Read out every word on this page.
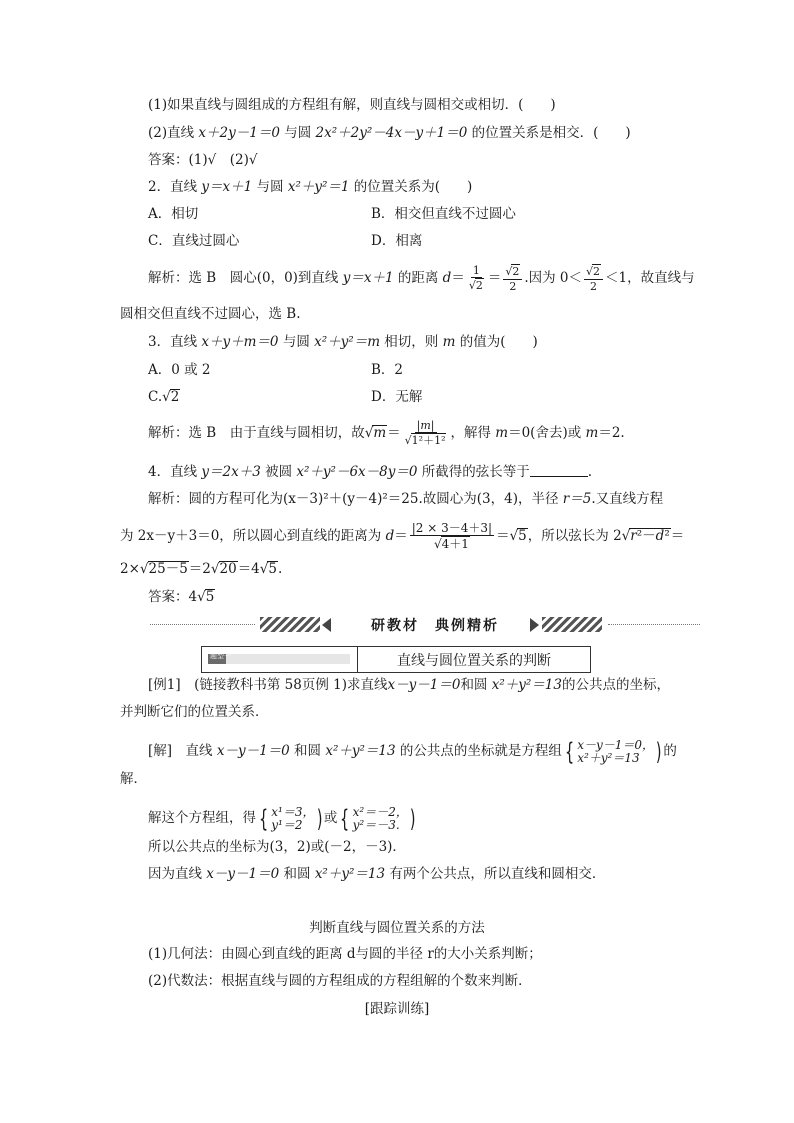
(1)如果直线与圆组成的方程组有解，则直线与圆相交或相切．(　　)
(2)直线 x＋2y－1＝0 与圆 2x²＋2y²－4x－y＋1＝0 的位置关系是相交．(　　)
答案：(1)√　(2)√
2．直线 y＝x＋1 与圆 x²＋y²＝1 的位置关系为(　　)
A．相切	B．相交但直线不过圆心
C．直线过圆心	D．相离
解析：选 B　圆心(0，0)到直线 y＝x＋1 的距离 $d= \frac{1}{√2} = \frac{√2}{2}$ .因为 $0< \frac{√2}{2} <1$，故直线与
圆相交但直线不过圆心，选 B.
3．直线 x＋y＋m＝0 与圆 x²＋y²＝m 相切，则 m 的值为(　　)
A．0 或 2	B．2
C.√2	D．无解
解析：选 B　由于直线与圆相切，故$√m= \frac{|m|}{\text{√1²＋1²}}$ ，解得 m＝0(舍去)或 m＝2.
4．直线 y＝2x＋3 被圆 x²＋y²－6x－8y＝0 所截得的弦长等于	.
解析：圆的方程可化为(x－3)²＋(y－4)²＝25.故圆心为(3，4)，半径 r＝5.又直线方程
为 2x－y＋3＝0，所以圆心到直线的距离为 $d= \frac{|2 \times 3-4+3|}{√4+1} =√5$，所以弦长为 2√r²－d²＝
2×√25－5＝2√20＝4√5.
答案：4√5
研教材　典例精析
题型一	直线与圆位置关系的判断
[例1]　 (链接教科书第 58页例 1)求直线x－y－1＝0和圆 x²＋y²＝13的公共点的坐标，
并判断它们的位置关系．
[解]　 直线 x－y－1＝0 和圆 x²＋y²＝13 的公共点的坐标就是方程组 { x－y－1＝0，
x²＋y²＝13 ) 的
解．
解这个方程组，得 { x¹＝3，
y¹＝2 ) 或 { x²＝－2，
y²＝－3. )
所以公共点的坐标为(3，2)或(－2，－3)．
因为直线 x－y－1＝0 和圆 x²＋y²＝13 有两个公共点，所以直线和圆相交．
判断直线与圆位置关系的方法
(1)几何法：由圆心到直线的距离 d与圆的半径 r的大小关系判断；
(2)代数法：根据直线与圆的方程组成的方程组解的个数来判断．
[跟踪训练]
